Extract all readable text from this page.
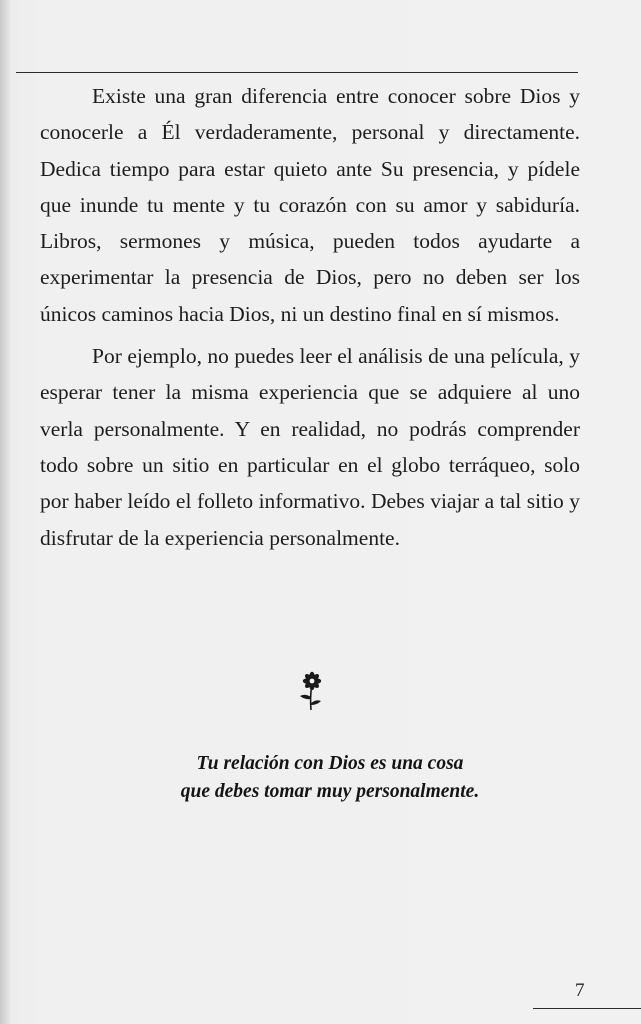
Existe una gran diferencia entre conocer sobre Dios y conocerle a Él verdaderamente, personal y directamente. Dedica tiempo para estar quieto ante Su presencia, y pídele que inunde tu mente y tu corazón con su amor y sabiduría. Libros, sermones y música, pueden todos ayudarte a experimentar la presencia de Dios, pero no deben ser los únicos caminos hacia Dios, ni un destino final en sí mismos.

Por ejemplo, no puedes leer el análisis de una película, y esperar tener la misma experiencia que se adquiere al uno verla personalmente. Y en realidad, no podrás comprender todo sobre un sitio en particular en el globo terráqueo, solo por haber leído el folleto informativo. Debes viajar a tal sitio y disfrutar de la experiencia personalmente.

Tu relación con Dios es una cosa
que debes tomar muy personalmente.
7
